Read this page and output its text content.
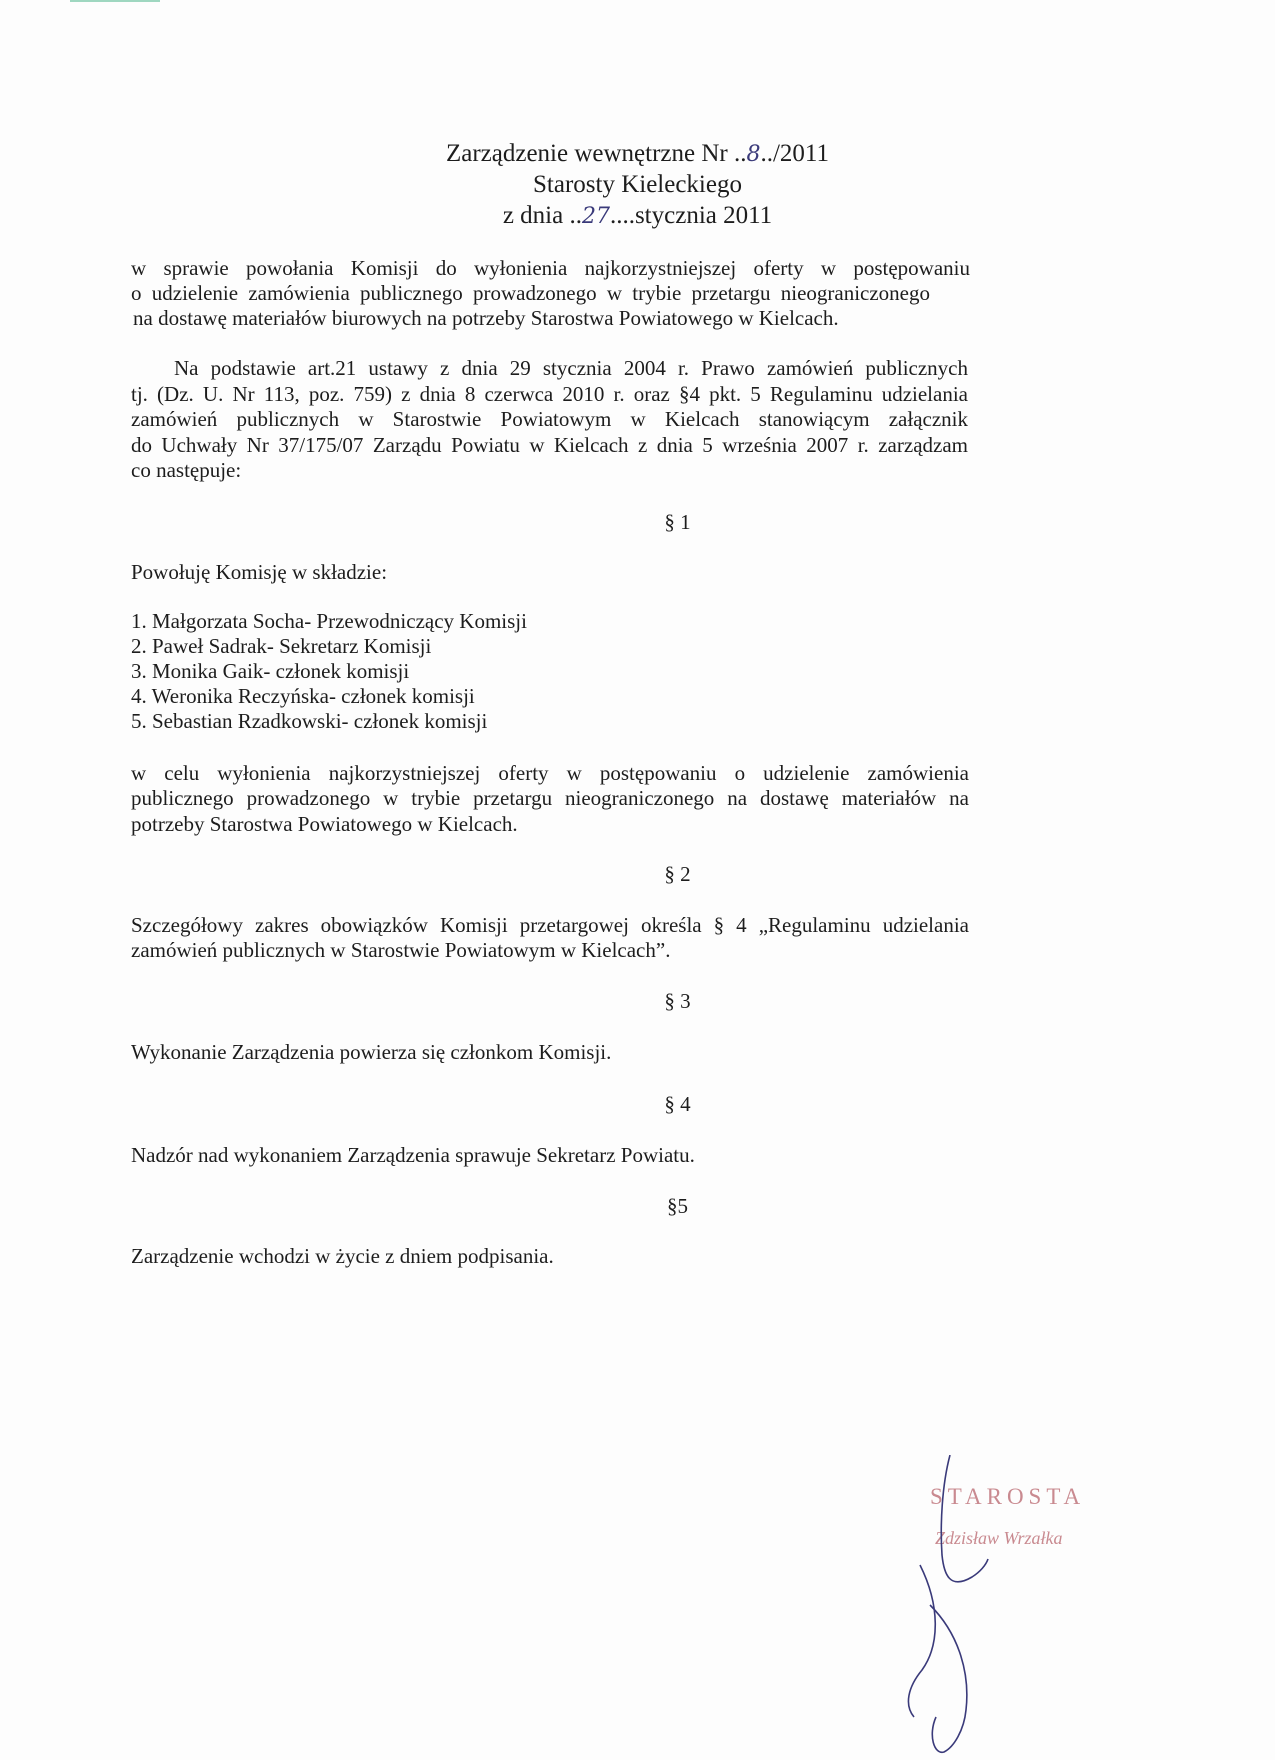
Zarządzenie wewnętrzne Nr ..8../2011
Starosty Kieleckiego
z dnia ..27....stycznia 2011
w sprawie powołania Komisji do wyłonienia najkorzystniejszej oferty w postępowaniu
o udzielenie zamówienia publicznego prowadzonego w trybie przetargu nieograniczonego
na dostawę materiałów biurowych na potrzeby Starostwa Powiatowego w Kielcach.
Na podstawie art.21 ustawy z dnia 29 stycznia 2004 r. Prawo zamówień publicznych
tj. (Dz. U. Nr 113, poz. 759) z dnia 8 czerwca 2010 r. oraz §4 pkt. 5 Regulaminu udzielania
zamówień publicznych w Starostwie Powiatowym w Kielcach stanowiącym załącznik
do Uchwały Nr 37/175/07 Zarządu Powiatu w Kielcach z dnia 5 września 2007 r. zarządzam
co następuje:
§ 1
Powołuję Komisję w składzie:
1. Małgorzata Socha- Przewodniczący Komisji
2. Paweł Sadrak- Sekretarz Komisji
3. Monika Gaik- członek komisji
4. Weronika Reczyńska- członek komisji
5. Sebastian Rzadkowski- członek komisji
w celu wyłonienia najkorzystniejszej oferty w postępowaniu o udzielenie zamówienia
publicznego prowadzonego w trybie przetargu nieograniczonego na dostawę materiałów na
potrzeby Starostwa Powiatowego w Kielcach.
§ 2
Szczegółowy zakres obowiązków Komisji przetargowej określa § 4 „Regulaminu udzielania
zamówień publicznych w Starostwie Powiatowym w Kielcach”.
§ 3
Wykonanie Zarządzenia powierza się członkom Komisji.
§ 4
Nadzór nad wykonaniem Zarządzenia sprawuje Sekretarz Powiatu.
§5
Zarządzenie wchodzi w życie z dniem podpisania.
STAROSTA
Zdzisław Wrzałka
